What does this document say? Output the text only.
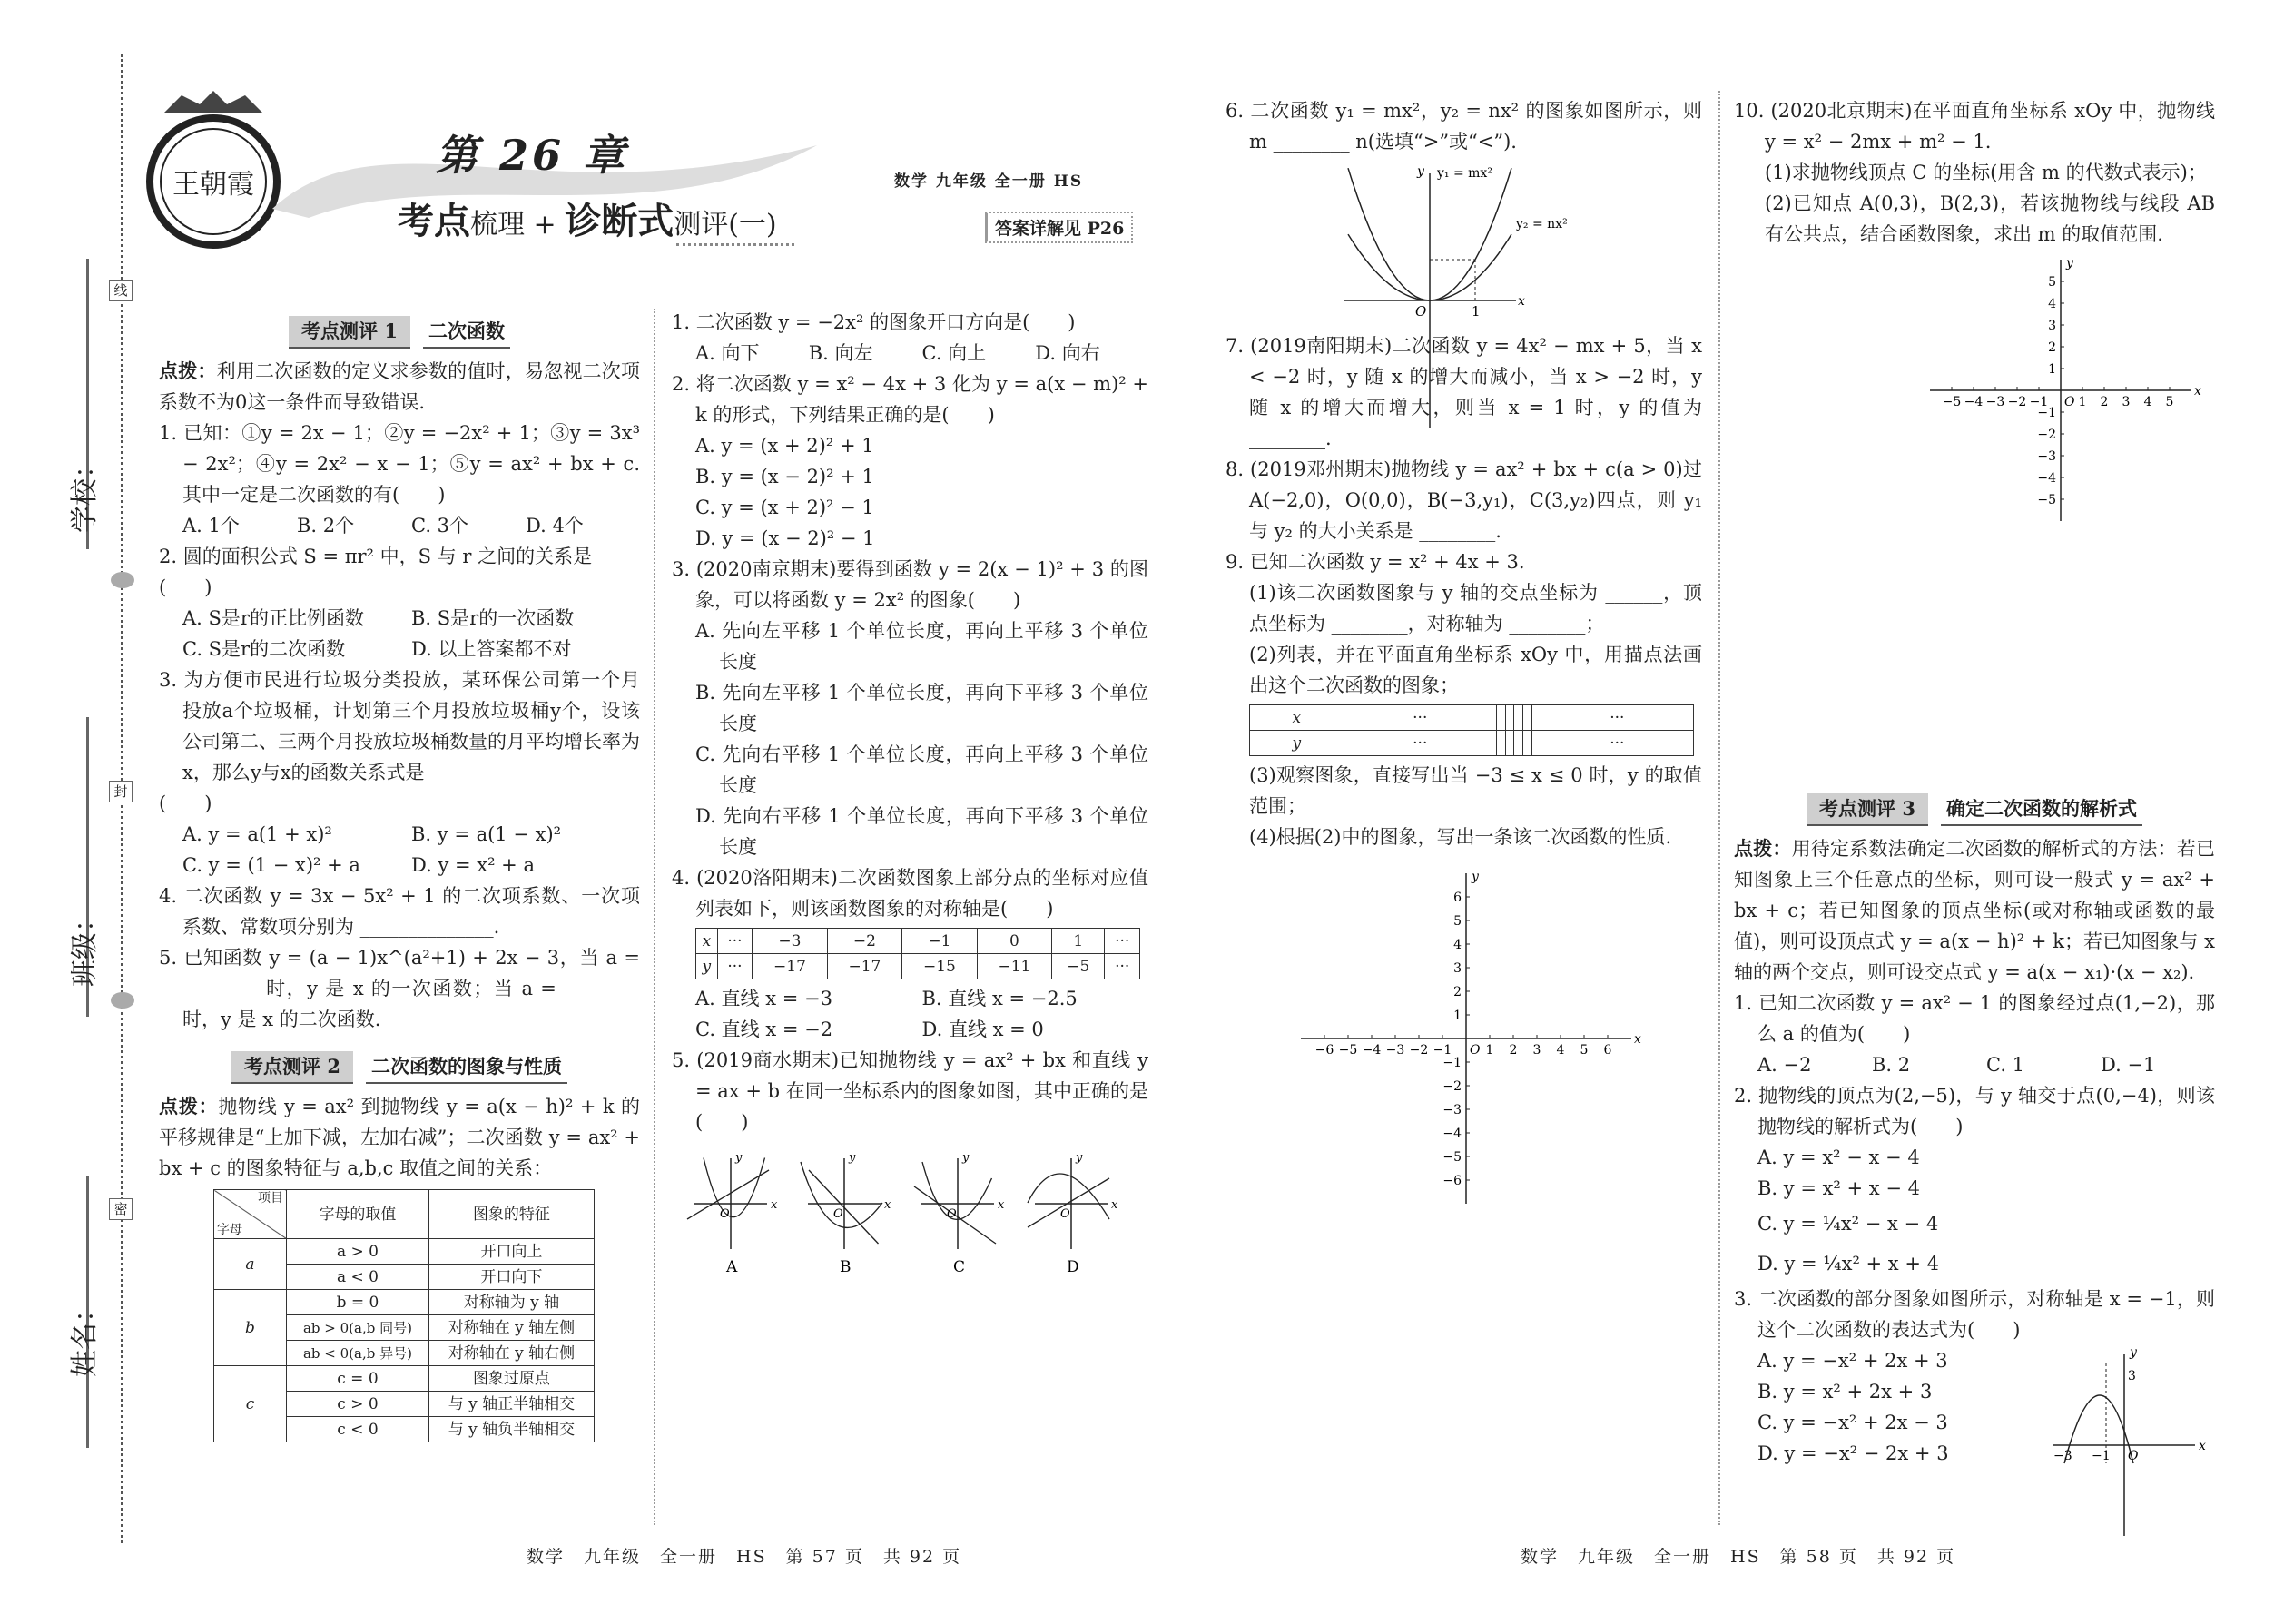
学校：
班级：
姓名：
线
封
密
王朝霞
第 26 章
考点梳理 + 诊断式测评(一)
数学 九年级 全一册 HS
答案详解见 P26
考点测评 1	二次函数

点拨：利用二次函数的定义求参数的值时，易忽视二次项系数不为0这一条件而导致错误.

1. 已知：①y = 2x − 1；②y = −2x² + 1；③y = 3x³ − 2x²；④y = 2x² − x − 1；⑤y = ax² + bx + c. 其中一定是二次函数的有(　　)

A. 1个	B. 2个	C. 3个	D. 4个

2. 圆的面积公式 S = πr² 中，S 与 r 之间的关系是

(　　)

A. S是r的正比例函数	B. S是r的一次函数
C. S是r的二次函数	D. 以上答案都不对

3. 为方便市民进行垃圾分类投放，某环保公司第一个月投放a个垃圾桶，计划第三个月投放垃圾桶y个，设该公司第二、三两个月投放垃圾桶数量的月平均增长率为x，那么y与x的函数关系式是

(　　)

A. y = a(1 + x)²	B. y = a(1 − x)²
C. y = (1 − x)² + a	D. y = x² + a

4. 二次函数 y = 3x − 5x² + 1 的二次项系数、一次项系数、常数项分别为 ______________.

5. 已知函数 y = (a − 1)x^(a²+1) + 2x − 3，当 a = ________ 时，y 是 x 的一次函数；当 a = ________ 时，y 是 x 的二次函数.

考点测评 2	二次函数的图象与性质

点拨：抛物线 y = ax² 到抛物线 y = a(x − h)² + k 的平移规律是“上加下减，左加右减”；二次函数 y = ax² + bx + c 的图象特征与 a,b,c 取值之间的关系：

项目
字母	字母的取值	图象的特征
a	a > 0	开口向上
	a < 0	开口向下
b	b = 0	对称轴为 y 轴
	ab > 0(a,b 同号)	对称轴在 y 轴左侧
	ab < 0(a,b 异号)	对称轴在 y 轴右侧
c	c = 0	图象过原点
	c > 0	与 y 轴正半轴相交
	c < 0	与 y 轴负半轴相交

1. 二次函数 y = −2x² 的图象开口方向是(　　)

A. 向下	B. 向左	C. 向上	D. 向右

2. 将二次函数 y = x² − 4x + 3 化为 y = a(x − m)² + k 的形式，下列结果正确的是(　　)

A. y = (x + 2)² + 1

B. y = (x − 2)² + 1

C. y = (x + 2)² − 1

D. y = (x − 2)² − 1

3. (2020南京期末)要得到函数 y = 2(x − 1)² + 3 的图象，可以将函数 y = 2x² 的图象(　　)

A. 先向左平移 1 个单位长度，再向上平移 3 个单位长度

B. 先向左平移 1 个单位长度，再向下平移 3 个单位长度

C. 先向右平移 1 个单位长度，再向上平移 3 个单位长度

D. 先向右平移 1 个单位长度，再向下平移 3 个单位长度

4. (2020洛阳期末)二次函数图象上部分点的坐标对应值列表如下，则该函数图象的对称轴是(　　)

x	···	−3	−2	−1	0	1	···
y	···	−17	−17	−15	−11	−5	···
A. 直线 x = −3	B. 直线 x = −2.5
C. 直线 x = −2	D. 直线 x = 0

5. (2019商水期末)已知抛物线 y = ax² + bx 和直线 y = ax + b 在同一坐标系内的图象如图，其中正确的是(　　)

x
y
O
A
x
y
O
B
x
y
O
C
x
y
O
D

6. 二次函数 y₁ = mx²，y₂ = nx² 的图象如图所示，则 m ________ n(选填“>”或“<”).

y₁ = mx²
y₂ = nx²
O	1
x
y

7. (2019南阳期末)二次函数 y = 4x² − mx + 5，当 x < −2 时，y 随 x 的增大而减小，当 x > −2 时，y 随 x 的增大而增大，则当 x = 1 时，y 的值为 ________.

8. (2019邓州期末)抛物线 y = ax² + bx + c(a > 0)过 A(−2,0)，O(0,0)，B(−3,y₁)，C(3,y₂)四点，则 y₁ 与 y₂ 的大小关系是 ________.

9. 已知二次函数 y = x² + 4x + 3.

(1)该二次函数图象与 y 轴的交点坐标为 ______，顶点坐标为 ________，对称轴为 ________；

(2)列表，并在平面直角坐标系 xOy 中，用描点法画出这个二次函数的图象；

x	···						···
y	···						···

(3)观察图象，直接写出当 −3 ≤ x ≤ 0 时，y 的取值范围；

(4)根据(2)中的图象，写出一条该二次函数的性质.

−6 −5 −4 −3 −2 −1	1 2 3 4 5 6
−6
−5
−4
−3
−2
−1
1
2
3
4
5
6
O
x
y

10. (2020北京期末)在平面直角坐标系 xOy 中，抛物线 y = x² − 2mx + m² − 1.

(1)求抛物线顶点 C 的坐标(用含 m 的代数式表示)；

(2)已知点 A(0,3)，B(2,3)，若该抛物线与线段 AB 有公共点，结合函数图象，求出 m 的取值范围.

−5 −4 −3 −2 −1 1 2 3 4 5
−5
−4
−3
−2
−1
1
2
3
4
5
O
x
y
考点测评 3	确定二次函数的解析式

点拨：用待定系数法确定二次函数的解析式的方法：若已知图象上三个任意点的坐标，则可设一般式 y = ax² + bx + c；若已知图象的顶点坐标(或对称轴或函数的最值)，则可设顶点式 y = a(x − h)² + k；若已知图象与 x 轴的两个交点，则可设交点式 y = a(x − x₁)·(x − x₂).

1. 已知二次函数 y = ax² − 1 的图象经过点(1,−2)，那么 a 的值为(　　)

A. −2	B. 2	C. 1	D. −1

2. 抛物线的顶点为(2,−5)，与 y 轴交于点(0,−4)，则该抛物线的解析式为(　　)

A. y = x² − x − 4

B. y = x² + x − 4

C. y = ¼x² − x − 4

D. y = ¼x² + x + 4

3. 二次函数的部分图象如图所示，对称轴是 x = −1，则这个二次函数的表达式为(　　)

A. y = −x² + 2x + 3

B. y = x² + 2x + 3

C. y = −x² + 2x − 3

D. y = −x² − 2x + 3

3
−3 −1 O
x
y
数学　九年级　全一册　HS　第 57 页　共 92 页	数学　九年级　全一册　HS　第 58 页　共 92 页
